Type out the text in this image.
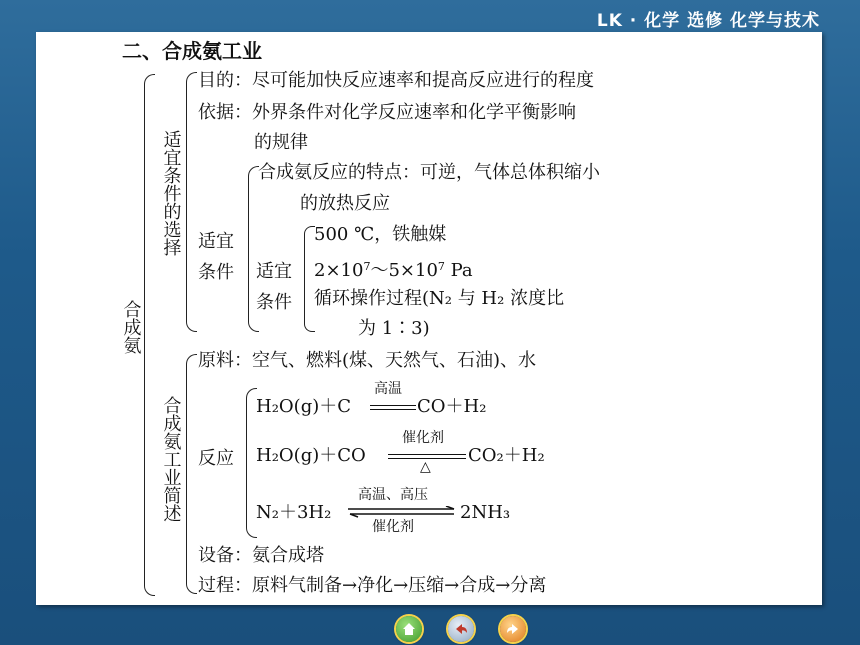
LK · 化学 选修 化学与技术
二、合成氨工业
合成氨
适宜条件的选择
目的：尽可能加快反应速率和提高反应进行的程度
依据：外界条件对化学反应速率和化学平衡影响
的规律
适宜条件
合成氨反应的特点：可逆，气体总体积缩小
的放热反应
适宜条件
500 ℃，铁触媒
$2\times 10^7\sim 5\times 10^7$ Pa
循环操作过程(N₂ 与 H₂ 浓度比
为 1∶3)
合成氨工业简述
原料：空气、燃料(煤、天然气、石油)、水
反应
H₂O(g)＋C
高温
CO＋H₂
H₂O(g)＋CO
催化剂
△
CO₂＋H₂
N₂＋3H₂
高温、高压
催化剂
2NH₃
设备：氨合成塔
过程：原料气制备→净化→压缩→合成→分离
